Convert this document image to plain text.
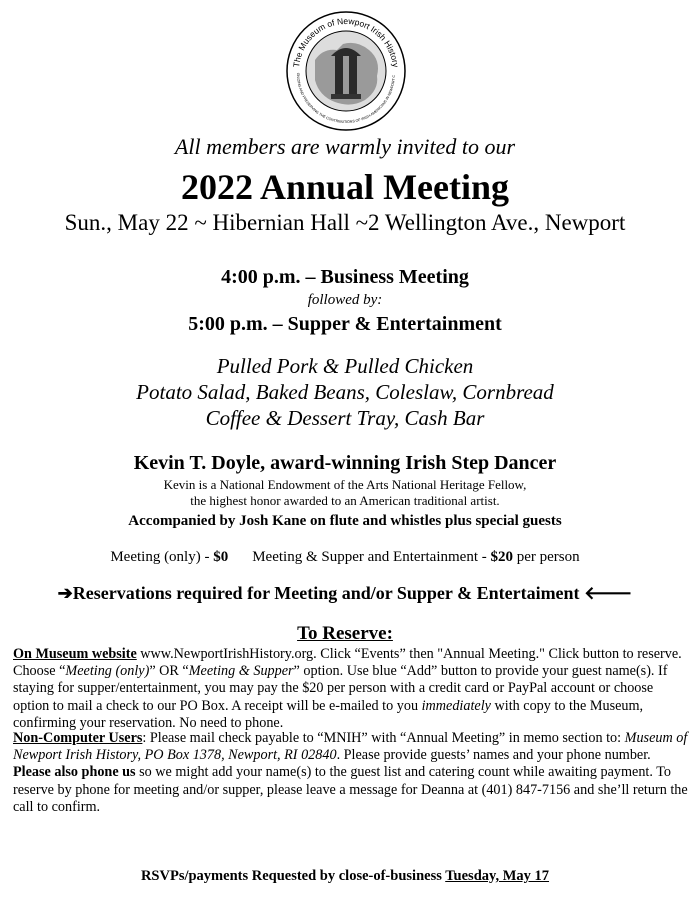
The Museum of Newport Irish History
GNIZING AND PRESERVING THE CONTRIBUTIONS OF IRISH-AMERICANS IN NEWPORT C
All members are warmly invited to our
2022 Annual Meeting
Sun., May 22 ~ Hibernian Hall ~2 Wellington Ave., Newport
4:00 p.m. – Business Meeting
followed by:
5:00 p.m. – Supper & Entertainment
Pulled Pork & Pulled Chicken
Potato Salad, Baked Beans, Coleslaw, Cornbread
Coffee & Dessert Tray, Cash Bar
Kevin T. Doyle, award-winning Irish Step Dancer
Kevin is a National Endowment of the Arts National Heritage Fellow,
the highest honor awarded to an American traditional artist.
Accompanied by Josh Kane on flute and whistles plus special guests
Meeting (only) - $0 Meeting & Supper and Entertainment - $20 per person
➔Reservations required for Meeting and/or Supper & Entertaiment 🡐
To Reserve:
On Museum website www.NewportIrishHistory.org. Click “Events” then "Annual Meeting." Click button to reserve. Choose “Meeting (only)” OR “Meeting & Supper” option. Use blue “Add” button to provide your guest name(s). If staying for supper/entertainment, you may pay the $20 per person with a credit card or PayPal account or choose option to mail a check to our PO Box. A receipt will be e-mailed to you immediately with copy to the Museum, confirming your reservation. No need to phone.
Non-Computer Users: Please mail check payable to “MNIH” with “Annual Meeting” in memo section to: Museum of Newport Irish History, PO Box 1378, Newport, RI 02840. Please provide guests’ names and your phone number. Please also phone us so we might add your name(s) to the guest list and catering count while awaiting payment. To reserve by phone for meeting and/or supper, please leave a message for Deanna at (401) 847-7156 and she’ll return the call to confirm.
RSVPs/payments Requested by close-of-business Tuesday, May 17
